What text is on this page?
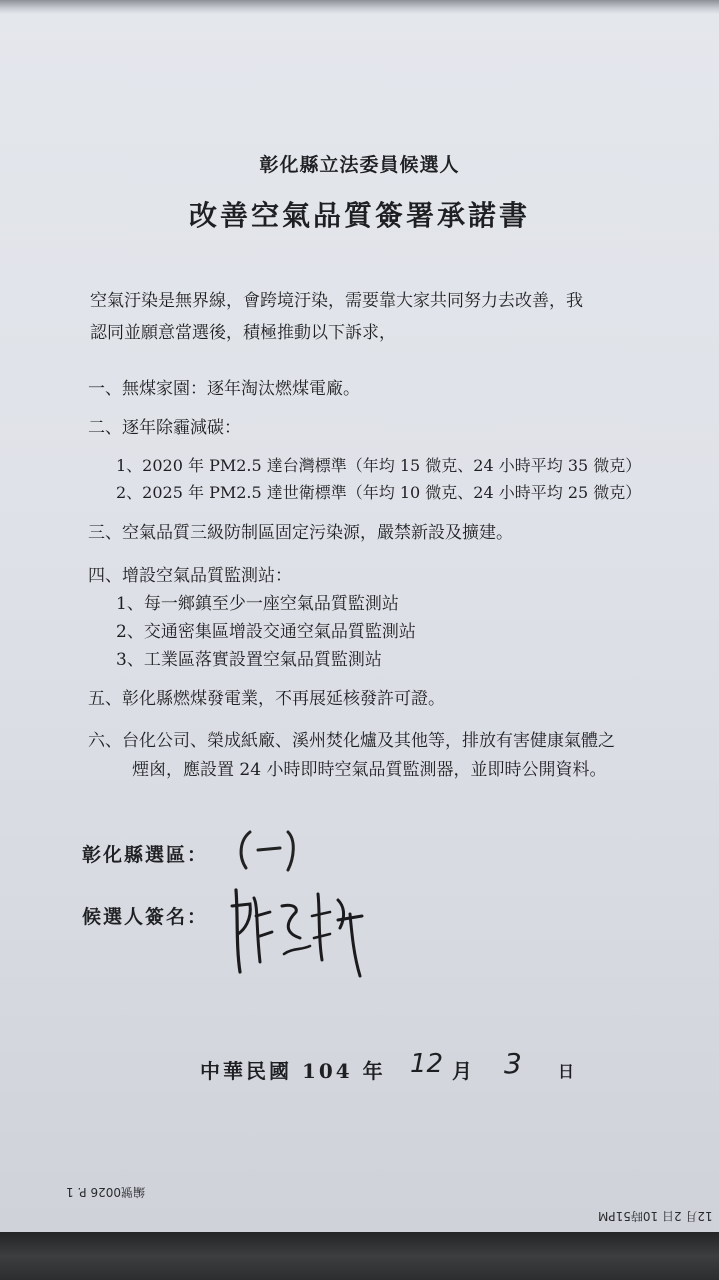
彰化縣立法委員候選人
改善空氣品質簽署承諾書
空氣汙染是無界線，會跨境汙染，需要靠大家共同努力去改善，我
認同並願意當選後，積極推動以下訴求，
一、無煤家園：逐年淘汰燃煤電廠。
二、逐年除霾減碳：
1、2020 年 PM2.5 達台灣標準（年均 15 微克、24 小時平均 35 微克）
2、2025 年 PM2.5 達世衛標準（年均 10 微克、24 小時平均 25 微克）
三、空氣品質三級防制區固定污染源，嚴禁新設及擴建。
四、增設空氣品質監測站：
1、每一鄉鎮至少一座空氣品質監測站
2、交通密集區增設交通空氣品質監測站
3、工業區落實設置空氣品質監測站
五、彰化縣燃煤發電業，不再展延核發許可證。
六、台化公司、榮成紙廠、溪州焚化爐及其他等，排放有害健康氣體之
煙囪，應設置 24 小時即時空氣品質監測器，並即時公開資料。
彰化縣選區：
候選人簽名：
中華民國 104 年 12 月 3 日
編號0026 P. 1
12月 2日 10時51PM
